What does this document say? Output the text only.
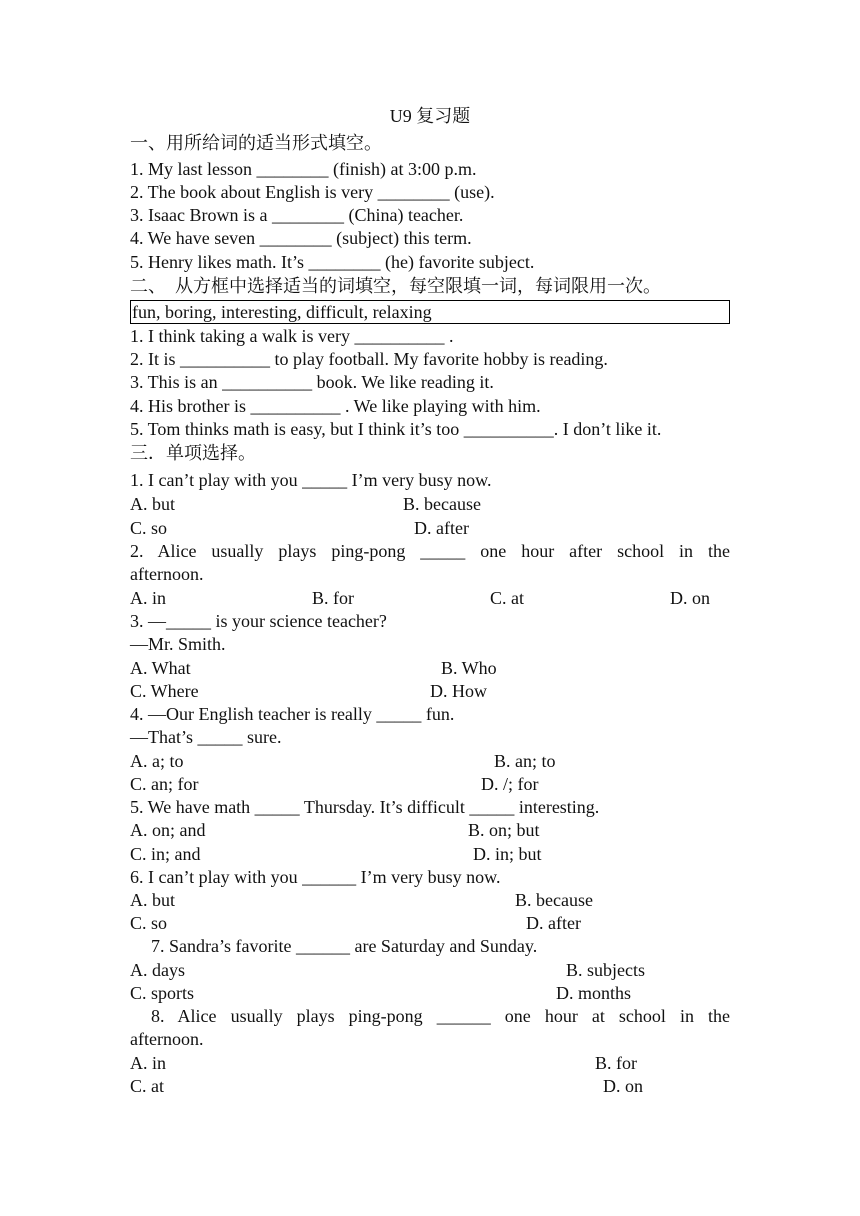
U9 复习题
一、用所给词的适当形式填空。
1. My last lesson ________ (finish) at 3:00 p.m.
2. The book about English is very ________ (use).
3. Isaac Brown is a ________ (China) teacher.
4. We have seven ________ (subject) this term.
5. Henry likes math. It’s ________ (he) favorite subject.
二、  从方框中选择适当的词填空，每空限填一词，每词限用一次。
fun, boring, interesting, difficult, relaxing
1. I think taking a walk is very __________ .
2. It is __________ to play football. My favorite hobby is reading.
3. This is an __________ book. We like reading it.
4. His brother is __________ . We like playing with him.
5. Tom thinks math is easy, but I think it’s too __________. I don’t like it.
三．单项选择。
1. I can’t play with you _____ I’m very busy now.
A. but	B. because
C. so	D. after
2. Alice usually plays ping-pong _____ one hour after school in the
afternoon.
A. in	B. for	C. at	D. on
3. —_____ is your science teacher?
—Mr. Smith.
A. What	B. Who
C. Where	D. How
4. —Our English teacher is really _____ fun.
—That’s _____ sure.
A. a; to	B. an; to
C. an; for	D. /; for
5. We have math _____ Thursday. It’s difficult _____ interesting.
A. on; and	B. on; but
C. in; and	D. in; but
6. I can’t play with you ______ I’m very busy now.
A. but	B. because
C. so	D. after
7. Sandra’s favorite ______ are Saturday and Sunday.
A. days	B. subjects
C. sports	D. months
8. Alice usually plays ping-pong ______ one hour at school in the
afternoon.
A. in	B. for
C. at	D. on
